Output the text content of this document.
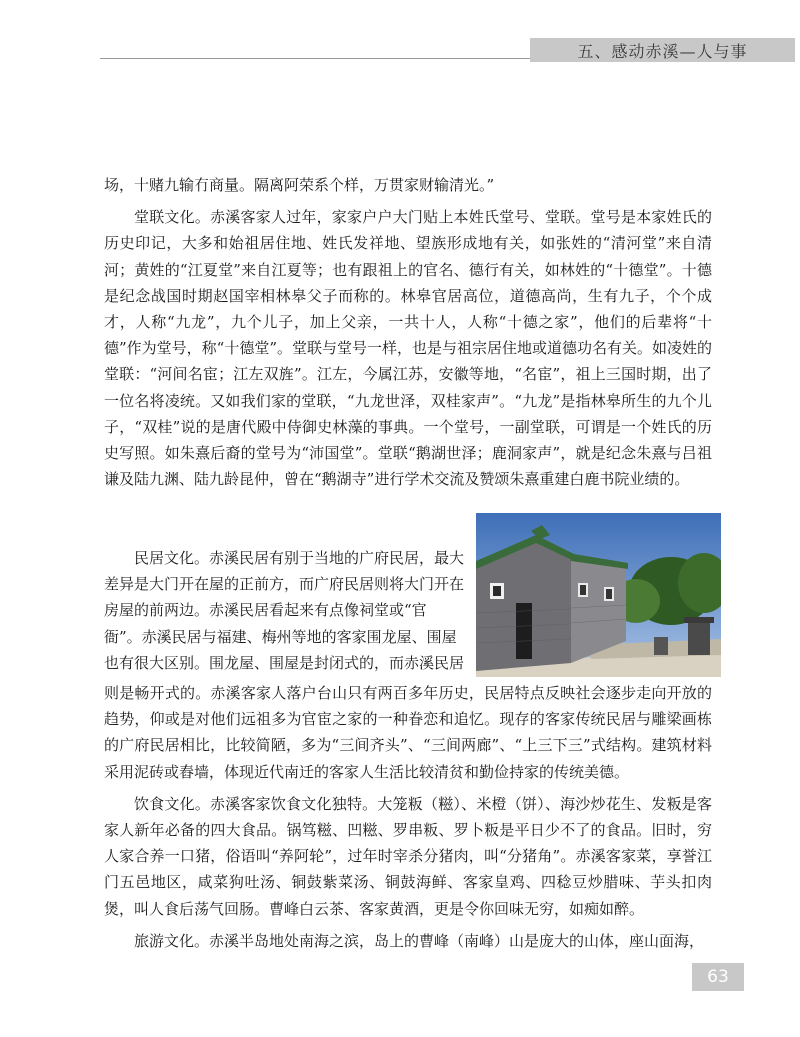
五、感动赤溪—人与事

场，十赌九输冇商量。隔离阿荣系个样，万贯家财输清光。”

堂联文化。赤溪客家人过年，家家户户大门贴上本姓氏堂号、堂联。堂号是本家姓氏的历史印记，大多和始祖居住地、姓氏发祥地、望族形成地有关，如张姓的“清河堂”来自清河；黄姓的“江夏堂”来自江夏等；也有跟祖上的官名、德行有关，如林姓的“十德堂”。十德是纪念战国时期赵国宰相林皋父子而称的。林皋官居高位，道德高尚，生有九子，个个成才，人称“九龙”，九个儿子，加上父亲，一共十人，人称“十德之家”，他们的后辈将“十德”作为堂号，称“十德堂”。堂联与堂号一样，也是与祖宗居住地或道德功名有关。如凌姓的堂联：“河间名宦；江左双旌”。江左，今属江苏，安徽等地，“名宦”，祖上三国时期，出了一位名将凌统。又如我们家的堂联，“九龙世泽，双桂家声”。“九龙”是指林皋所生的九个儿子，“双桂”说的是唐代殿中侍御史林藻的事典。一个堂号，一副堂联，可谓是一个姓氏的历史写照。如朱熹后裔的堂号为“沛国堂”。堂联“鹅湖世泽；鹿洞家声”，就是纪念朱熹与吕祖谦及陆九渊、陆九龄昆仲，曾在“鹅湖寺”进行学术交流及赞颂朱熹重建白鹿书院业绩的。

民居文化。赤溪民居有别于当地的广府民居，最大
差异是大门开在屋的正前方，而广府民居则将大门开在
房屋的前两边。赤溪民居看起来有点像祠堂或“官
衙”。赤溪民居与福建、梅州等地的客家围龙屋、围屋
也有很大区别。围龙屋、围屋是封闭式的，而赤溪民居

则是畅开式的。赤溪客家人落户台山只有两百多年历史，民居特点反映社会逐步走向开放的趋势，仰或是对他们远祖多为官宦之家的一种眷恋和追忆。现存的客家传统民居与雕梁画栋的广府民居相比，比较简陋，多为“三间齐头”、“三间两廊”、“上三下三”式结构。建筑材料采用泥砖或舂墙，体现近代南迁的客家人生活比较清贫和勤俭持家的传统美德。

饮食文化。赤溪客家饮食文化独特。大笼粄（糍）、米橙（饼）、海沙炒花生、发粄是客家人新年必备的四大食品。锅笃糍、凹糍、罗串粄、罗卜粄是平日少不了的食品。旧时，穷人家合养一口猪，俗语叫“养阿轮”，过年时宰杀分猪肉，叫“分猪角”。赤溪客家菜，享誉江门五邑地区，咸菜狗吐汤、铜鼓紫菜汤、铜鼓海鲜、客家皇鸡、四稔豆炒腊味、芋头扣肉煲，叫人食后荡气回肠。曹峰白云茶、客家黄酒，更是令你回味无穷，如痴如醉。

旅游文化。赤溪半岛地处南海之滨，岛上的曹峰（南峰）山是庞大的山体，座山面海，

63
